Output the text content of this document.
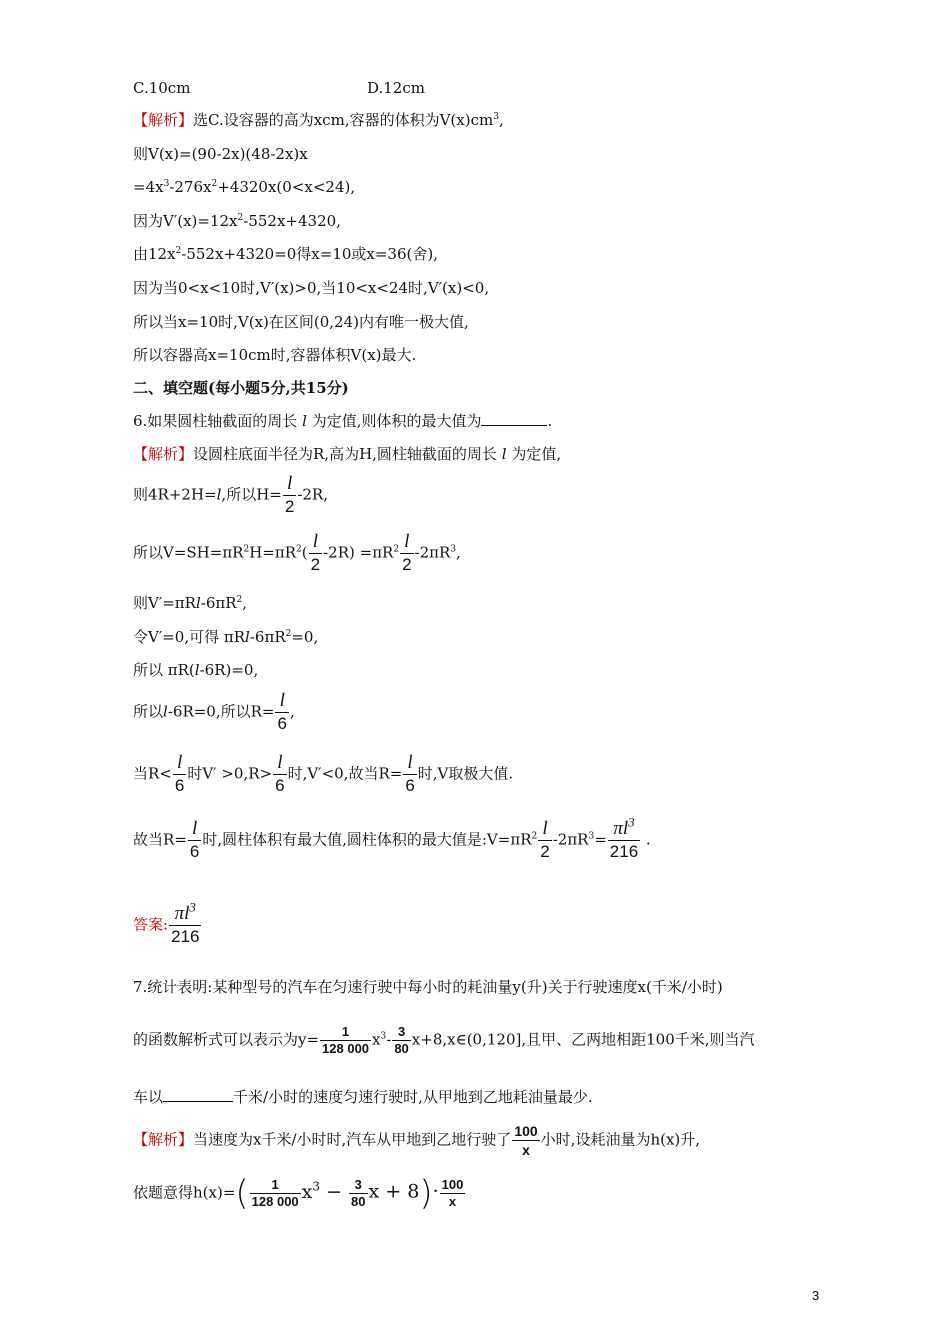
C.10cm	D.12cm
【解析】选C.设容器的高为xcm,容器的体积为$V(x)cm^3$,
则V(x)=(90-2x)(48-2x)x
$=4x^3-276x^2+4320x(0<x<24)$,
因为$V'(x)=12x^2-552x+4320$,
由$12x^2-552x+4320=0$得x=10或x=36(舍),
因为当0<x<10时,V′(x)>0,当10<x<24时,V′(x)<0,
所以当x=10时,V(x)在区间(0,24)内有唯一极大值,
所以容器高x=10cm时,容器体积V(x)最大.
二、填空题(每小题5分,共15分)
6.如果圆柱轴截面的周长 l 为定值,则体积的最大值为	.
【解析】设圆柱底面半径为R,高为H,圆柱轴截面的周长 l 为定值,
则4R+2H=l,所以$H= \frac{l}{2} -2R$,
所以$V=SH=\pi R^2H=\pi R^2( \frac{l}{2} -2R) =\pi R^2 \frac{l}{2} -2\pi R^3$,
则$V'=\pi Rl-6\pi R^2$,
令V′=0,可得 πRl-$6\pi R^2=0$,
所以 πR(l-6R)=0,
所以l-6R=0,所以$R= \frac{l}{6}$ ,
当$R< \frac{l}{6}$ 时$V' >0,R> \frac{l}{6}$ 时,V′<0,故当$R= \frac{l}{6}$ 时,V取极大值.
故当$R= \frac{l}{6}$ 时,圆柱体积有最大值,圆柱体积的最大值是$:V=\pi R^2 \frac{l}{2} -2\pi R^3= \frac{\pi l^3}{216}$ .
答案: $\frac{\pi l^3}{216}$
7.统计表明:某种型号的汽车在匀速行驶中每小时的耗油量y(升)关于行驶速度x(千米/小时)
的函数解析式可以表示为$y= \frac{1}{128 000} x^3- \frac{3}{80}$ x+8,x∈(0,120],且甲、乙两地相距100千米,则当汽
车以	千米/小时的速度匀速行驶时,从甲地到乙地耗油量最少.
【解析】当速度为x千米/小时时,汽车从甲地到乙地行驶了 $\frac{100}{x}$ 小时,设耗油量为h(x)升,
依题意得$h(x)=( \frac{1}{128 000} x^3 - \frac{3}{80}$ $x + 8)\cdot \frac{100}{x}$
3
